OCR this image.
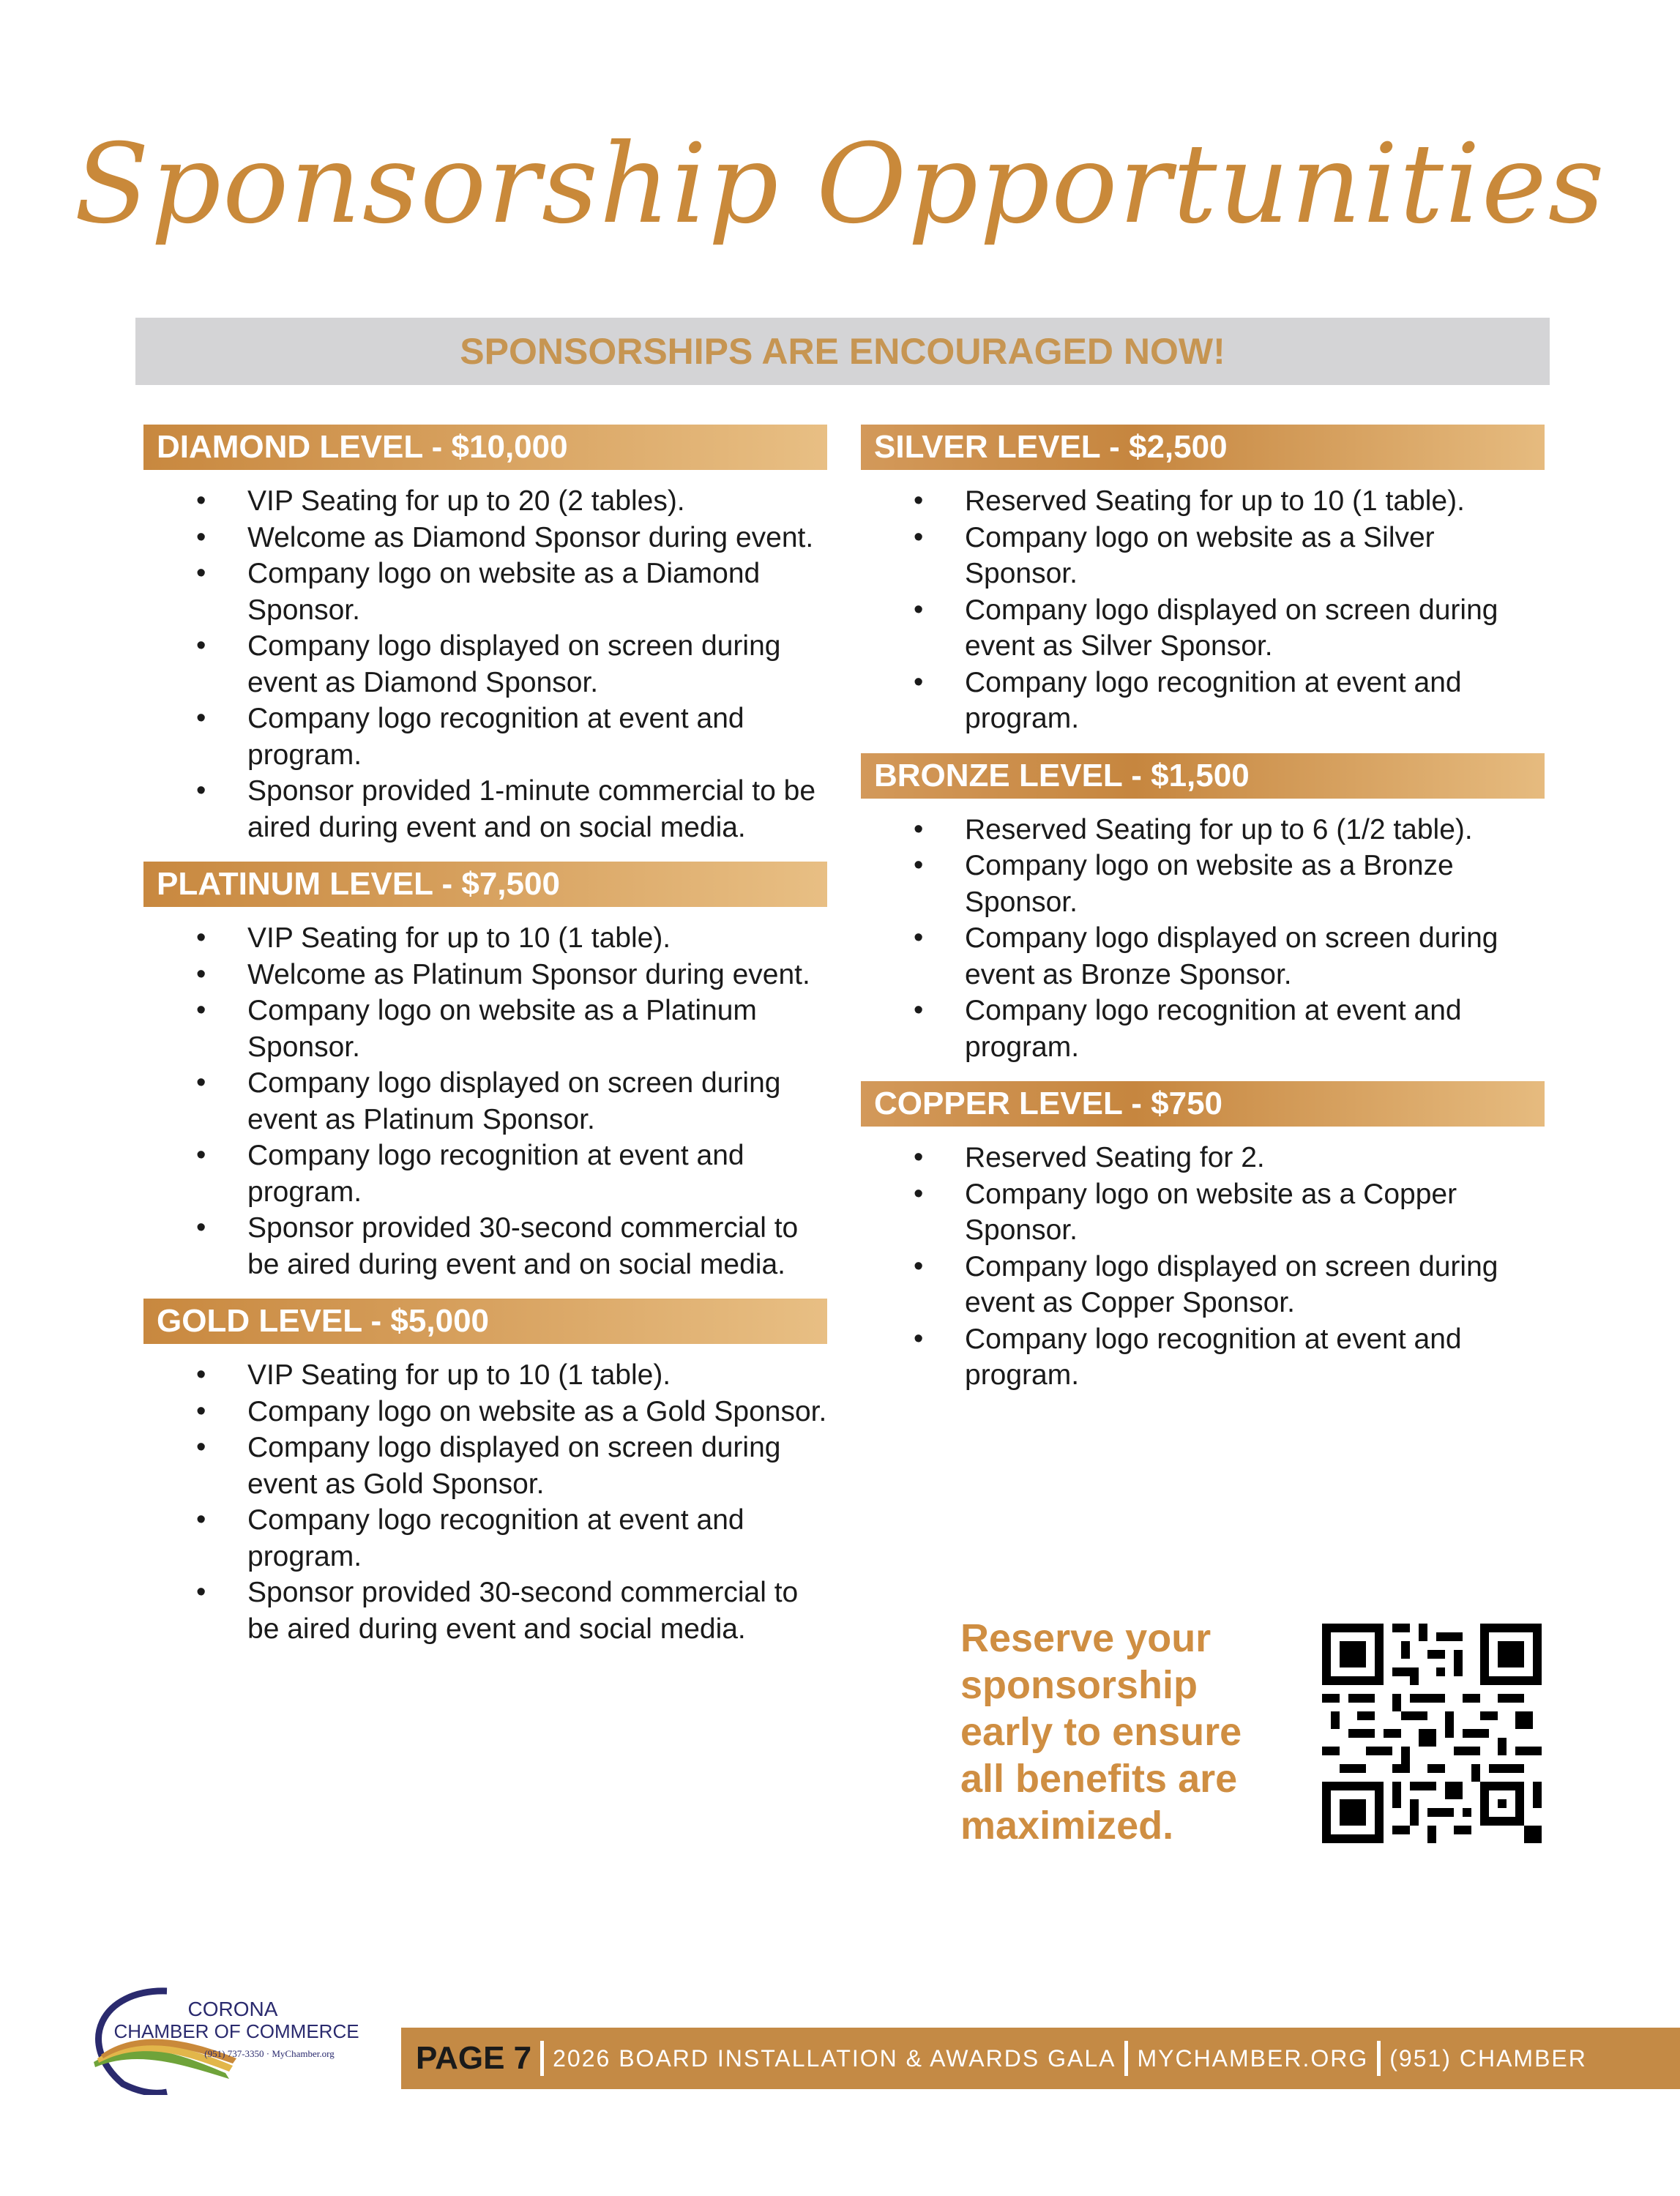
Sponsorship Opportunities
SPONSORSHIPS ARE ENCOURAGED NOW!
DIAMOND LEVEL - $10,000
• VIP Seating for up to 20 (2 tables).
• Welcome as Diamond Sponsor during event.
• Company logo on website as a Diamond Sponsor.
• Company logo displayed on screen during event as Diamond Sponsor.
• Company logo recognition at event and program.
• Sponsor provided 1-minute commercial to be aired during event and on social media.
PLATINUM LEVEL - $7,500
• VIP Seating for up to 10 (1 table).
• Welcome as Platinum Sponsor during event.
• Company logo on website as a Platinum Sponsor.
• Company logo displayed on screen during event as Platinum Sponsor.
• Company logo recognition at event and program.
• Sponsor provided 30-second commercial to be aired during event and on social media.
GOLD LEVEL - $5,000
• VIP Seating for up to 10 (1 table).
• Company logo on website as a Gold Sponsor.
• Company logo displayed on screen during event as Gold Sponsor.
• Company logo recognition at event and program.
• Sponsor provided 30-second commercial to be aired during event and social media.
SILVER LEVEL - $2,500
• Reserved Seating for up to 10 (1 table).
• Company logo on website as a Silver Sponsor.
• Company logo displayed on screen during event as Silver Sponsor.
• Company logo recognition at event and program.
BRONZE LEVEL - $1,500
• Reserved Seating for up to 6 (1/2 table).
• Company logo on website as a Bronze Sponsor.
• Company logo displayed on screen during event as Bronze Sponsor.
• Company logo recognition at event and program.
COPPER LEVEL - $750
• Reserved Seating for 2.
• Company logo on website as a Copper Sponsor.
• Company logo displayed on screen during event as Copper Sponsor.
• Company logo recognition at event and program.
Reserve your sponsorship early to ensure all benefits are maximized.
CORONA
CHAMBER OF COMMERCE
(951) 737-3350 · MyChamber.org	PAGE 7 2026 BOARD INSTALLATION & AWARDS GALA MYCHAMBER.ORG (951) CHAMBER
